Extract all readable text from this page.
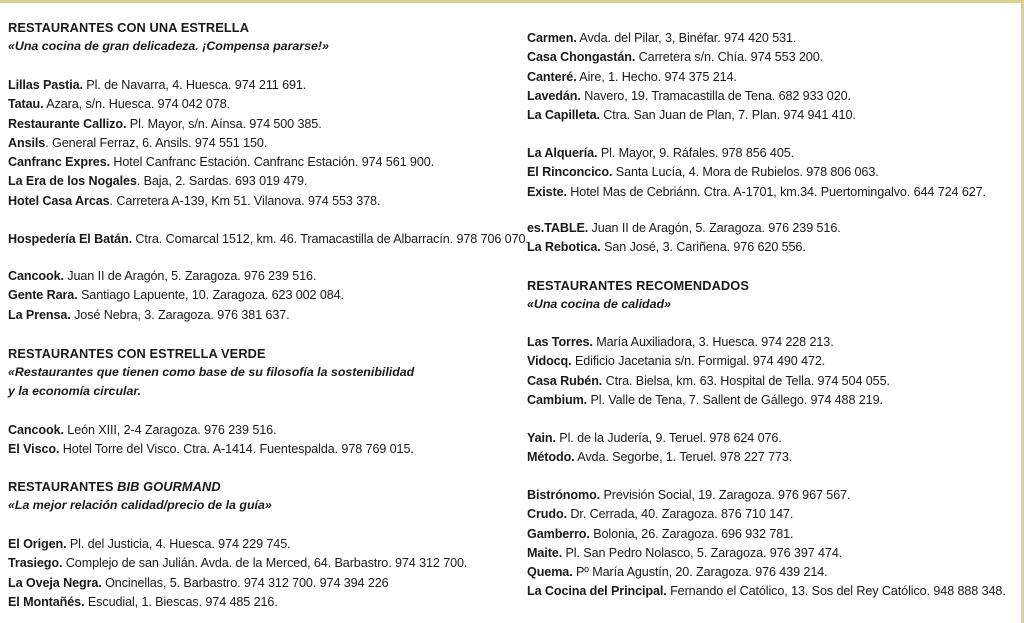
RESTAURANTES CON UNA ESTRELLA
«Una cocina de gran delicadeza. ¡Compensa pararse!»
Lillas Pastia. Pl. de Navarra, 4. Huesca. 974 211 691.
Tatau. Azara, s/n. Huesca. 974 042 078.
Restaurante Callizo. Pl. Mayor, s/n. Aínsa. 974 500 385.
Ansils. General Ferraz, 6. Ansils. 974 551 150.
Canfranc Expres. Hotel Canfranc Estación. Canfranc Estación. 974 561 900.
La Era de los Nogales. Baja, 2. Sardas. 693 019 479.
Hotel Casa Arcas. Carretera A-139, Km 51. Vilanova. 974 553 378.
Hospedería El Batán. Ctra. Comarcal 1512, km. 46. Tramacastilla de Albarracín. 978 706 070.
Cancook. Juan II de Aragón, 5. Zaragoza. 976 239 516.
Gente Rara. Santiago Lapuente, 10. Zaragoza. 623 002 084.
La Prensa. José Nebra, 3. Zaragoza. 976 381 637.
RESTAURANTES CON ESTRELLA VERDE
«Restaurantes que tienen como base de su filosofía la sostenibilidad
y la economía circular.
Cancook. León XIII, 2-4 Zaragoza. 976 239 516.
El Visco. Hotel Torre del Visco. Ctra. A-1414. Fuentespalda. 978 769 015.
RESTAURANTES BIB GOURMAND
«La mejor relación calidad/precio de la guía»
El Origen. Pl. del Justicia, 4. Huesca. 974 229 745.
Trasiego. Complejo de san Julián. Avda. de la Merced, 64. Barbastro. 974 312 700.
La Oveja Negra. Oncinellas, 5. Barbastro. 974 312 700. 974 394 226
El Montañés. Escudial, 1. Biescas. 974 485 216.
Carmen. Avda. del Pilar, 3, Binéfar. 974 420 531.
Casa Chongastán. Carretera s/n. Chía. 974 553 200.
Canteré. Aire, 1. Hecho. 974 375 214.
Lavedán. Navero, 19. Tramacastilla de Tena. 682 933 020.
La Capilleta. Ctra. San Juan de Plan, 7. Plan. 974 941 410.
La Alquería. Pl. Mayor, 9. Ráfales. 978 856 405.
El Rinconcico. Santa Lucía, 4. Mora de Rubielos. 978 806 063.
Existe. Hotel Mas de Cebriánn. Ctra. A-1701, km.34. Puertomingalvo. 644 724 627.
es.TABLE. Juan II de Aragón, 5. Zaragoza. 976 239 516.
La Rebotica. San José, 3. Cariñena. 976 620 556.
RESTAURANTES RECOMENDADOS
«Una cocina de calidad»
Las Torres. María Auxiliadora, 3. Huesca. 974 228 213.
Vidocq. Edificio Jacetania s/n. Formigal. 974 490 472.
Casa Rubén. Ctra. Bielsa, km. 63. Hospital de Tella. 974 504 055.
Cambium. Pl. Valle de Tena, 7. Sallent de Gállego. 974 488 219.
Yain. Pl. de la Judería, 9. Teruel. 978 624 076.
Método. Avda. Segorbe, 1. Teruel. 978 227 773.
Bistrónomo. Previsión Social, 19. Zaragoza. 976 967 567.
Crudo. Dr. Cerrada, 40. Zaragoza. 876 710 147.
Gamberro. Bolonia, 26. Zaragoza. 696 932 781.
Maite. Pl. San Pedro Nolasco, 5. Zaragoza. 976 397 474.
Quema. Pº María Agustín, 20. Zaragoza. 976 439 214.
La Cocina del Principal. Fernando el Católico, 13. Sos del Rey Católico. 948 888 348.
